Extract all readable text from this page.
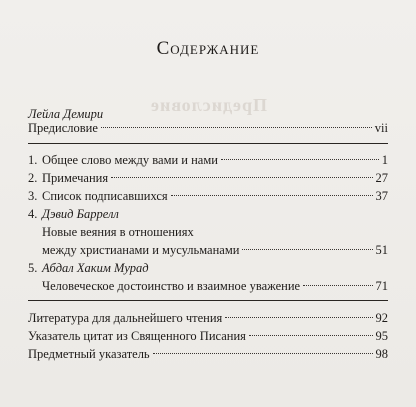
Предисловие
Содержание
Лейла Демири
Предисловие	vii
1. Общее слово между вами и нами	1
2. Примечания	27
3. Список подписавшихся	37
4. Дэвид Баррелл
Новые веяния в отношениях
между христианами и мусульманами	51
5. Абдал Хаким Мурад
Человеческое достоинство и взаимное уважение	71
Литература для дальнейшего чтения	92
Указатель цитат из Священного Писания	95
Предметный указатель	98
